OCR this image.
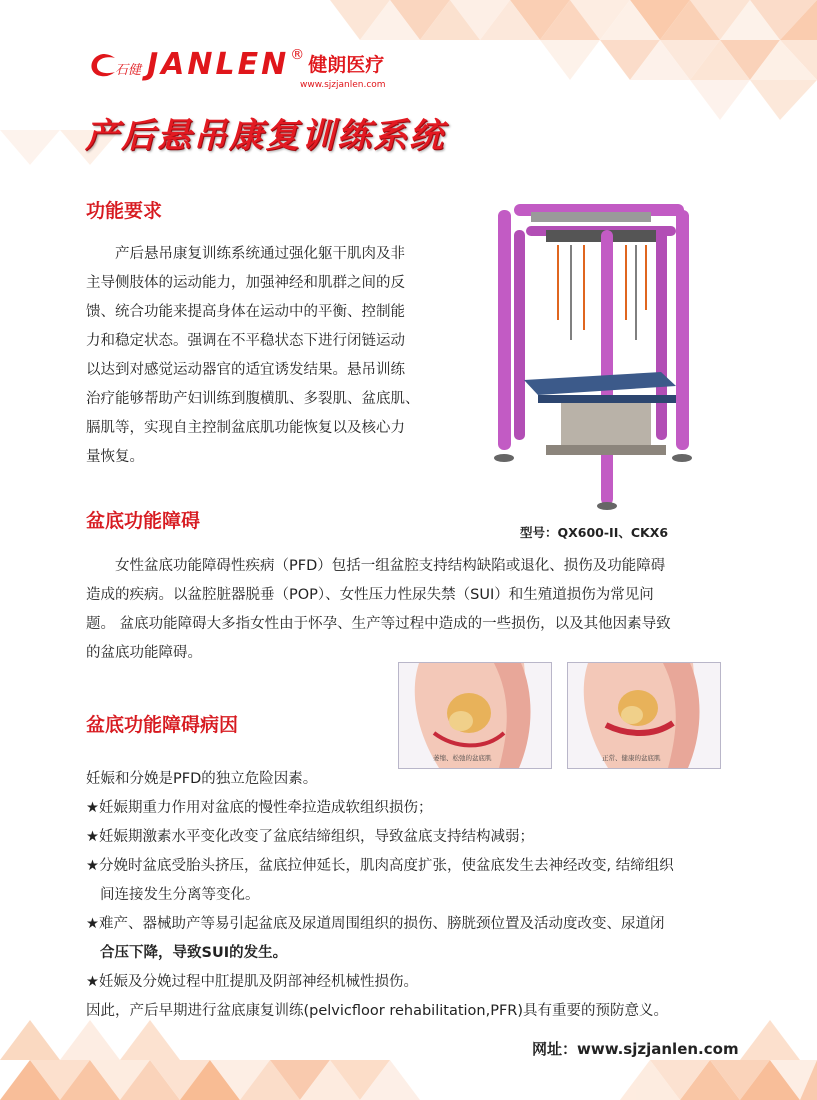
石健 JANLEN ® 健朗医疗
www.sjzjanlen.com
产后悬吊康复训练系统
功能要求

产后悬吊康复训练系统通过强化躯干肌肉及非

主导侧肢体的运动能力，加强神经和肌群之间的反

馈、统合功能来提高身体在运动中的平衡、控制能

力和稳定状态。强调在不平稳状态下进行闭链运动

以达到对感觉运动器官的适宜诱发结果。悬吊训练

治疗能够帮助产妇训练到腹横肌、多裂肌、盆底肌、

膈肌等，实现自主控制盆底肌功能恢复以及核心力

量恢复。

型号：QX600-II、CKX6
盆底功能障碍

女性盆底功能障碍性疾病（PFD）包括一组盆腔支持结构缺陷或退化、损伤及功能障碍

造成的疾病。以盆腔脏器脱垂（POP）、女性压力性尿失禁（SUI）和生殖道损伤为常见问

题。 盆底功能障碍大多指女性由于怀孕、生产等过程中造成的一些损伤，以及其他因素导致

的盆底功能障碍。

萎缩、松弛的盆底肌	正常、健康的盆底肌
盆底功能障碍病因
妊娠和分娩是PFD的独立危险因素。
★妊娠期重力作用对盆底的慢性牵拉造成软组织损伤；
★妊娠期激素水平变化改变了盆底结缔组织，导致盆底支持结构减弱；
★分娩时盆底受胎头挤压，盆底拉伸延长，肌肉高度扩张，使盆底发生去神经改变, 结缔组织
间连接发生分离等变化。
★难产、器械助产等易引起盆底及尿道周围组织的损伤、膀胱颈位置及活动度改变、尿道闭
合压下降，导致SUI的发生。
★妊娠及分娩过程中肛提肌及阴部神经机械性损伤。
因此，产后早期进行盆底康复训练(pelvicfloor rehabilitation,PFR)具有重要的预防意义。
网址：www.sjzjanlen.com
